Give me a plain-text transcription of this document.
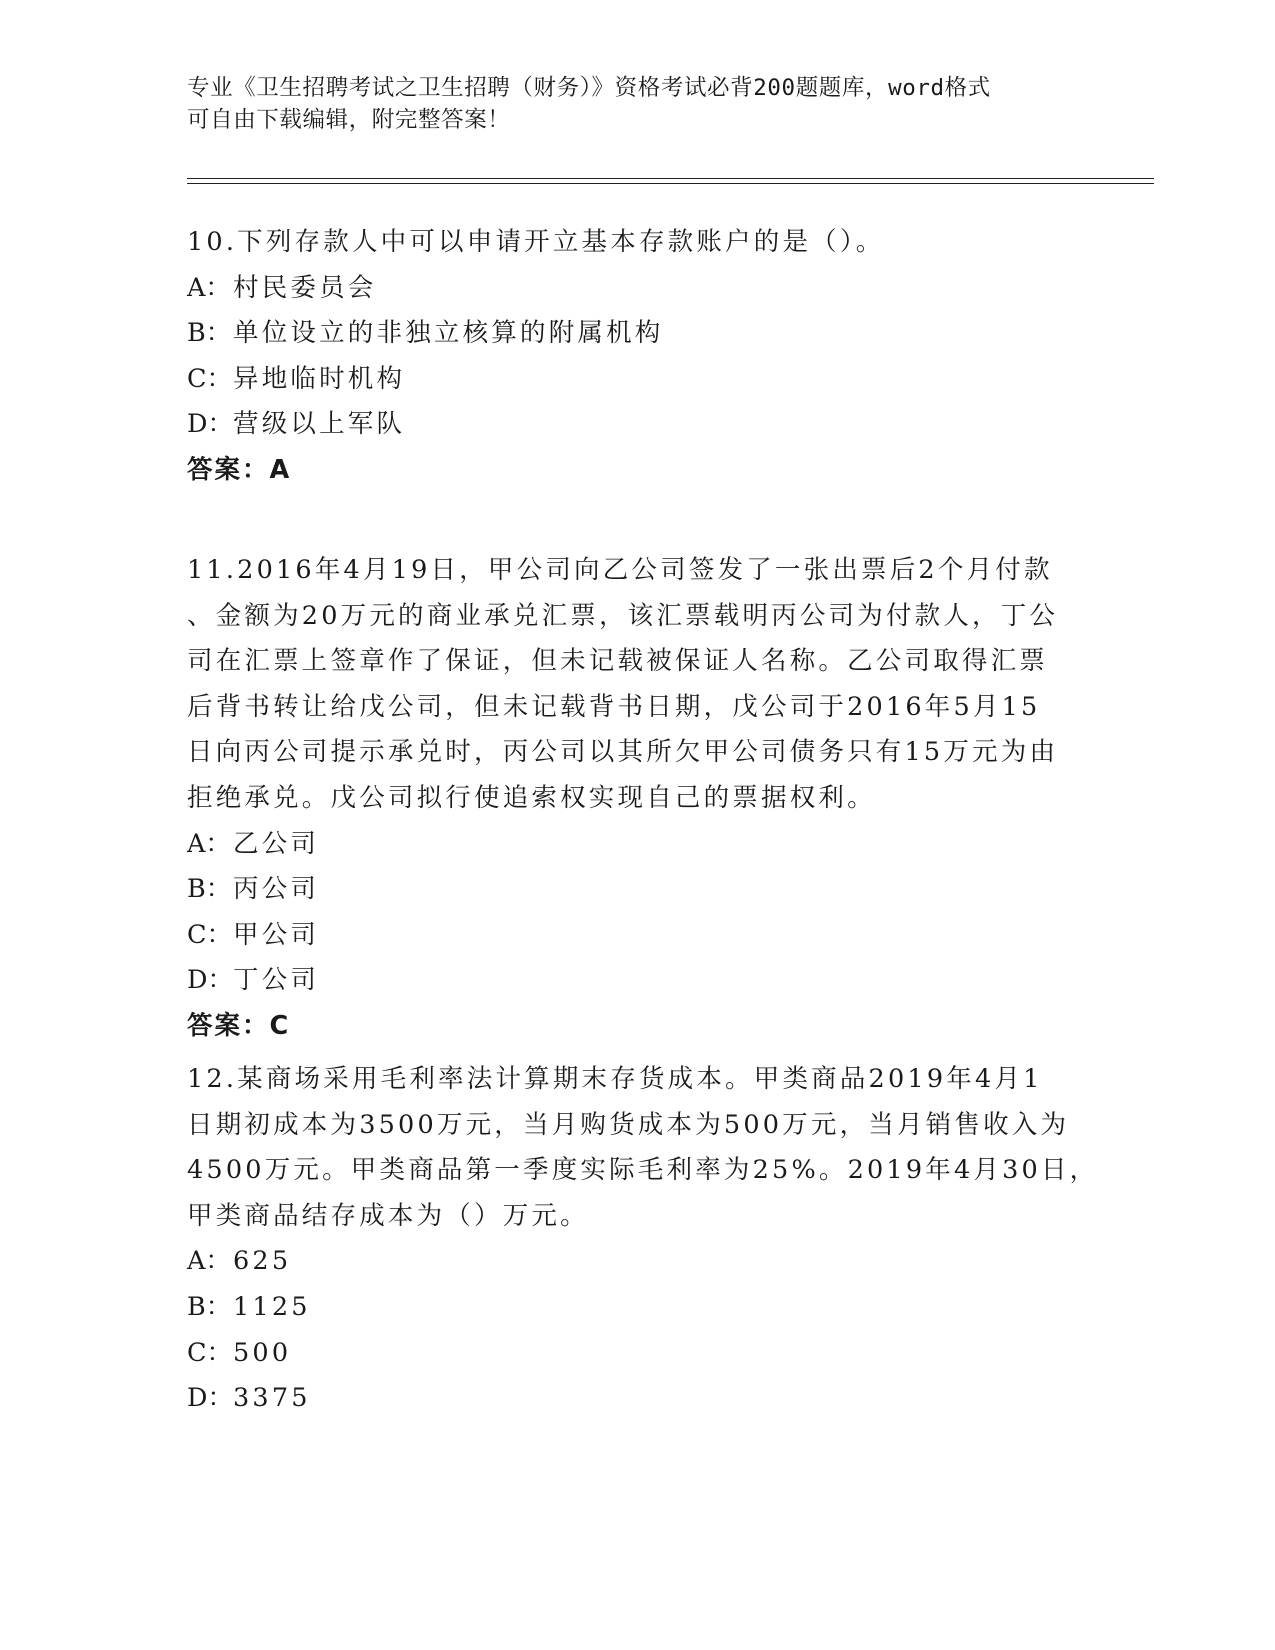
专业《卫生招聘考试之卫生招聘（财务）》资格考试必背200题题库，word格式
可自由下载编辑，附完整答案！
10.下列存款人中可以申请开立基本存款账户的是（）。
A：村民委员会
B：单位设立的非独立核算的附属机构
C：异地临时机构
D：营级以上军队
答案：A
11.2016年4月19日，甲公司向乙公司签发了一张出票后2个月付款
、金额为20万元的商业承兑汇票，该汇票载明丙公司为付款人，丁公
司在汇票上签章作了保证，但未记载被保证人名称。乙公司取得汇票
后背书转让给戊公司，但未记载背书日期，戊公司于2016年5月15
日向丙公司提示承兑时，丙公司以其所欠甲公司债务只有15万元为由
拒绝承兑。戊公司拟行使追索权实现自己的票据权利。
A：乙公司
B：丙公司
C：甲公司
D：丁公司
答案：C
12.某商场采用毛利率法计算期末存货成本。甲类商品2019年4月1
日期初成本为3500万元，当月购货成本为500万元，当月销售收入为
4500万元。甲类商品第一季度实际毛利率为25%。2019年4月30日，
甲类商品结存成本为（）万元。
A：625
B：1125
C：500
D：3375
